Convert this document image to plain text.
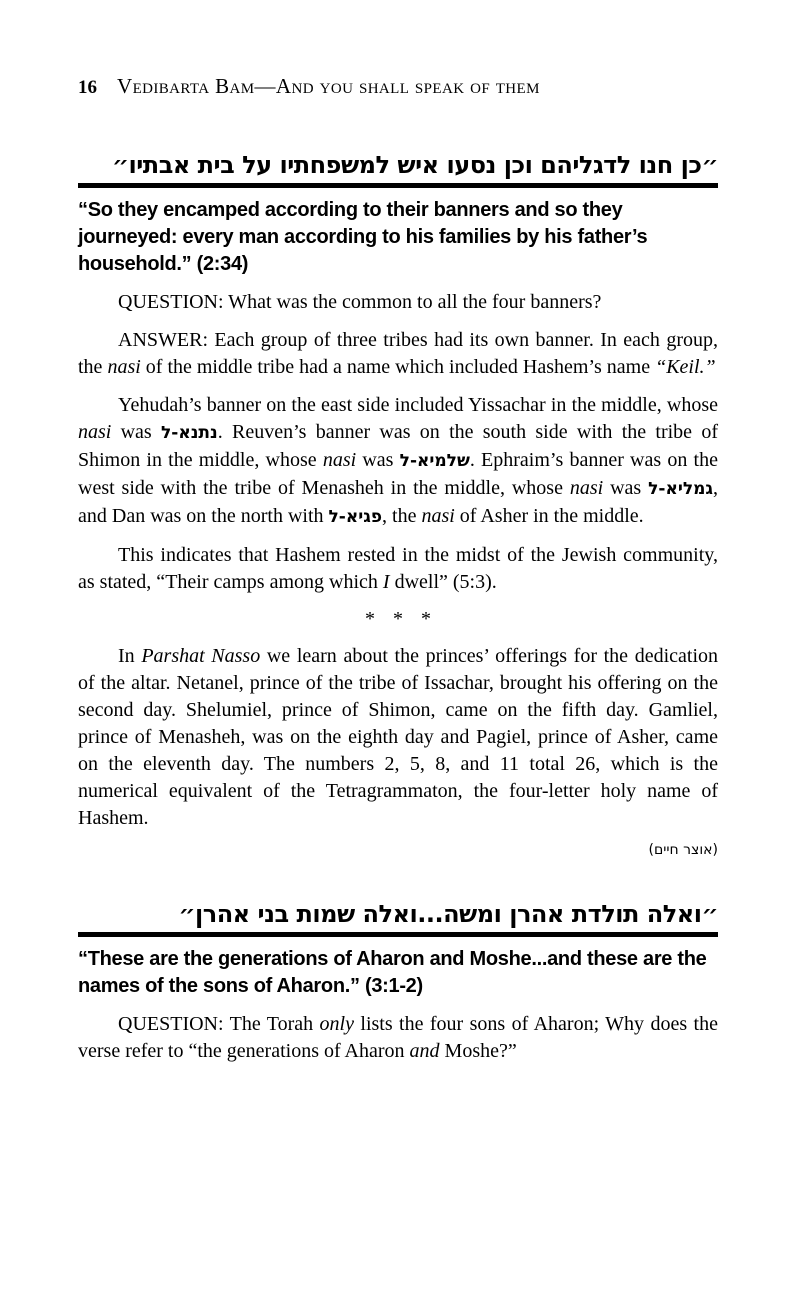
16 Vedibarta Bam—And you shall speak of them
״כן חנו לדגליהם וכן נסעו איש למשפחתיו על בית אבתיו״

“So they encamped according to their banners and so they journeyed: every man according to his families by his father’s household.” (2:34)

QUESTION: What was the common to all the four banners?

ANSWER: Each group of three tribes had its own banner. In each group, the nasi of the middle tribe had a name which included Hashem’s name “Keil.”

Yehudah’s banner on the east side included Yissachar in the middle, whose nasi was נתנא-ל. Reuven’s banner was on the south side with the tribe of Shimon in the middle, whose nasi was שלמיא-ל. Ephraim’s banner was on the west side with the tribe of Menasheh in the middle, whose nasi was גמליא-ל, and Dan was on the north with פגיא-ל, the nasi of Asher in the middle.

This indicates that Hashem rested in the midst of the Jewish community, as stated, “Their camps among which I dwell” (5:3).

* * *

In Parshat Nasso we learn about the princes’ offerings for the dedication of the altar. Netanel, prince of the tribe of Issachar, brought his offering on the second day. Shelumiel, prince of Shimon, came on the fifth day. Gamliel, prince of Menasheh, was on the eighth day and Pagiel, prince of Asher, came on the eleventh day. The numbers 2, 5, 8, and 11 total 26, which is the numerical equivalent of the Tetragrammaton, the four-letter holy name of Hashem.

(אוצר חיים)

״ואלה תולדת אהרן ומשה...ואלה שמות בני אהרן״

“These are the generations of Aharon and Moshe...and these are the names of the sons of Aharon.” (3:1-2)

QUESTION: The Torah only lists the four sons of Aharon; Why does the verse refer to “the generations of Aharon and Moshe?”
